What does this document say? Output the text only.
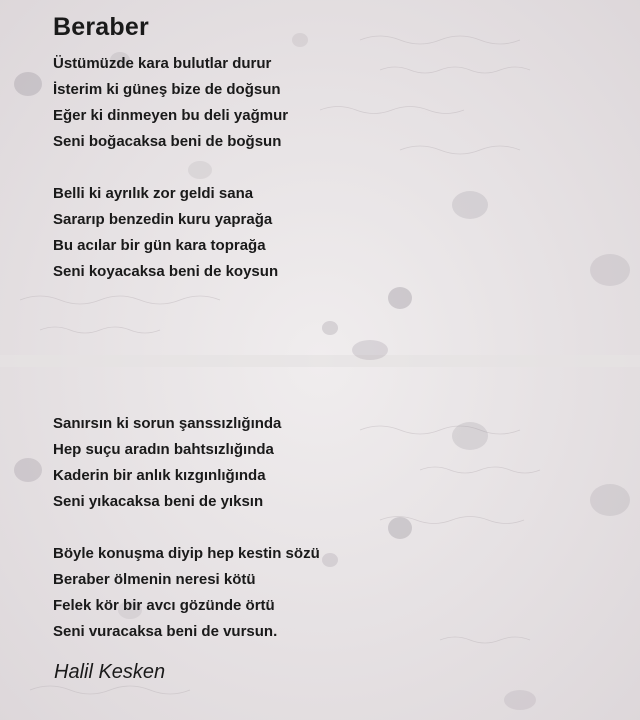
Beraber
Üstümüzde kara bulutlar durur
İsterim ki güneş bize de doğsun
Eğer ki dinmeyen bu deli yağmur
Seni boğacaksa beni de boğsun
Belli ki ayrılık zor geldi sana
Sararıp benzedin kuru yaprağa
Bu acılar bir gün kara toprağa
Seni koyacaksa beni de koysun
Sanırsın ki sorun şanssızlığında
Hep suçu aradın bahtsızlığında
Kaderin bir anlık kızgınlığında
Seni yıkacaksa beni de yıksın
Böyle konuşma diyip hep kestin sözü
Beraber ölmenin neresi kötü
Felek kör bir avcı gözünde örtü
Seni vuracaksa beni de vursun.

Halil Kesken
